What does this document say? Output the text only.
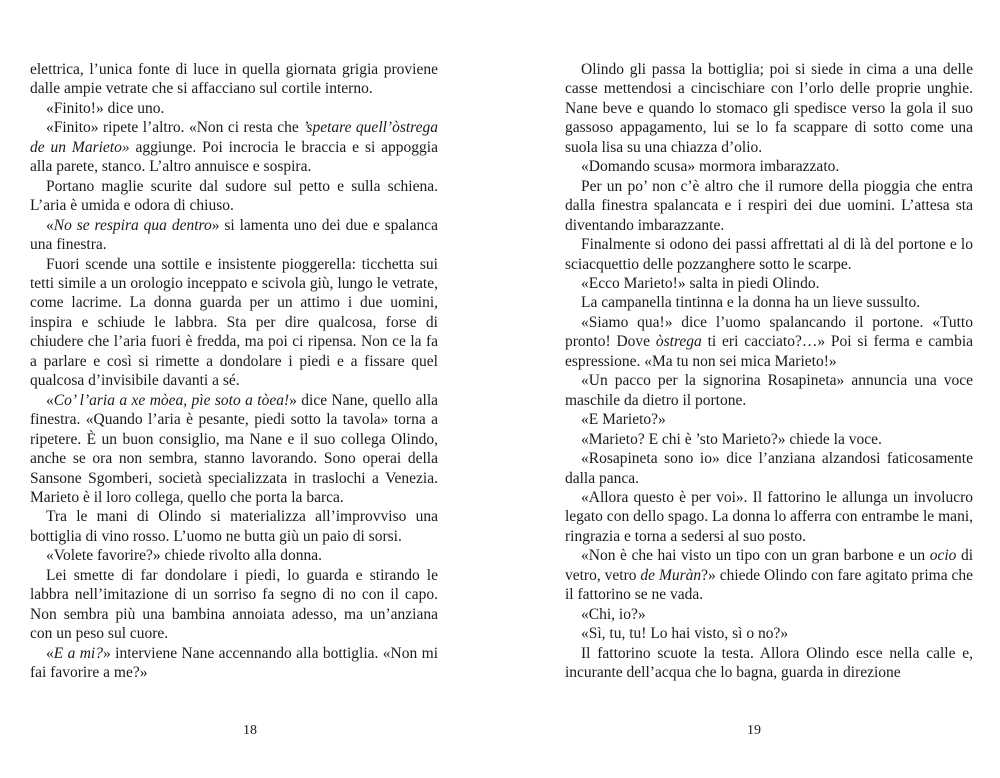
elettrica, l’unica fonte di luce in quella giornata grigia proviene dalle ampie vetrate che si affacciano sul cortile interno.

«Finito!» dice uno.

«Finito» ripete l’altro. «Non ci resta che ’spetare quell’òstrega de un Marieto» aggiunge. Poi incrocia le braccia e si appoggia alla parete, stanco. L’altro annuisce e sospira.

Portano maglie scurite dal sudore sul petto e sulla schiena. L’aria è umida e odora di chiuso.

«No se respira qua dentro» si lamenta uno dei due e spalanca una finestra.

Fuori scende una sottile e insistente pioggerella: ticchetta sui tetti simile a un orologio inceppato e scivola giù, lungo le vetrate, come lacrime. La donna guarda per un attimo i due uomini, inspira e schiude le labbra. Sta per dire qualcosa, forse di chiudere che l’aria fuori è fredda, ma poi ci ripensa. Non ce la fa a parlare e così si rimette a dondolare i piedi e a fissare quel qualcosa d’invisibile davanti a sé.

«Co’ l’aria a xe mòea, pìe soto a tòea!» dice Nane, quello alla finestra. «Quando l’aria è pesante, piedi sotto la tavola» torna a ripetere. È un buon consiglio, ma Nane e il suo collega Olindo, anche se ora non sembra, stanno lavorando. Sono operai della Sansone Sgomberi, società specializzata in traslochi a Venezia. Marieto è il loro collega, quello che porta la barca.

Tra le mani di Olindo si materializza all’improvviso una bottiglia di vino rosso. L’uomo ne butta giù un paio di sorsi.

«Volete favorire?» chiede rivolto alla donna.

Lei smette di far dondolare i piedi, lo guarda e stirando le labbra nell’imitazione di un sorriso fa segno di no con il capo. Non sembra più una bambina annoiata adesso, ma un’anziana con un peso sul cuore.

«E a mi?» interviene Nane accennando alla bottiglia. «Non mi fai favorire a me?»

Olindo gli passa la bottiglia; poi si siede in cima a una delle casse mettendosi a cincischiare con l’orlo delle proprie unghie. Nane beve e quando lo stomaco gli spedisce verso la gola il suo gassoso appagamento, lui se lo fa scappare di sotto come una suola lisa su una chiazza d’olio.

«Domando scusa» mormora imbarazzato.

Per un po’ non c’è altro che il rumore della pioggia che entra dalla finestra spalancata e i respiri dei due uomini. L’attesa sta diventando imbarazzante.

Finalmente si odono dei passi affrettati al di là del portone e lo sciacquettio delle pozzanghere sotto le scarpe.

«Ecco Marieto!» salta in piedi Olindo.

La campanella tintinna e la donna ha un lieve sussulto.

«Siamo qua!» dice l’uomo spalancando il portone. «Tutto pronto! Dove òstrega ti eri cacciato?…» Poi si ferma e cambia espressione. «Ma tu non sei mica Marieto!»

«Un pacco per la signorina Rosapineta» annuncia una voce maschile da dietro il portone.

«E Marieto?»

«Marieto? E chi è ’sto Marieto?» chiede la voce.

«Rosapineta sono io» dice l’anziana alzandosi faticosamente dalla panca.

«Allora questo è per voi». Il fattorino le allunga un involucro legato con dello spago. La donna lo afferra con entrambe le mani, ringrazia e torna a sedersi al suo posto.

«Non è che hai visto un tipo con un gran barbone e un ocio di vetro, vetro de Muràn?» chiede Olindo con fare agitato prima che il fattorino se ne vada.

«Chi, io?»

«Sì, tu, tu! Lo hai visto, sì o no?»

Il fattorino scuote la testa. Allora Olindo esce nella calle e, incurante dell’acqua che lo bagna, guarda in direzione

18	19
